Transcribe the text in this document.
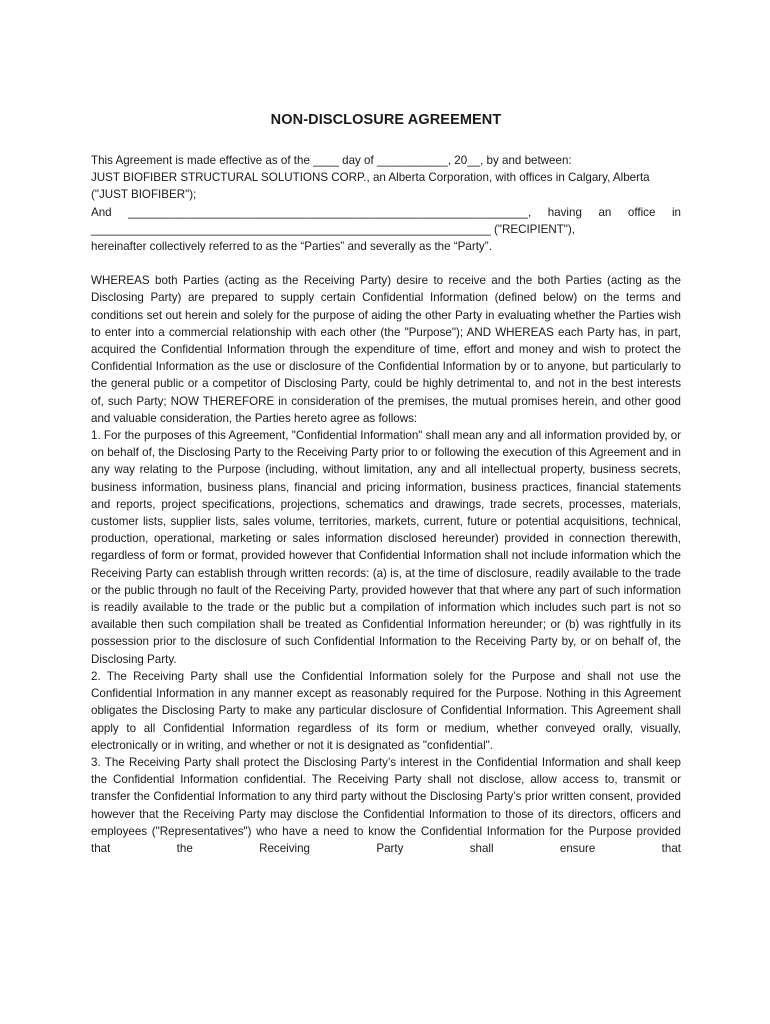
NON-DISCLOSURE AGREEMENT

This Agreement is made effective as of the ____ day of ___________, 20__, by and between:

JUST BIOFIBER STRUCTURAL SOLUTIONS CORP., an Alberta Corporation, with offices in Calgary, Alberta

("JUST BIOFIBER");

And ______________________________________________________________, having an office in

______________________________________________________________ ("RECIPIENT"),

hereinafter collectively referred to as the “Parties” and severally as the “Party”.

WHEREAS both Parties (acting as the Receiving Party) desire to receive and the both Parties (acting as the Disclosing Party) are prepared to supply certain Confidential Information (defined below) on the terms and conditions set out herein and solely for the purpose of aiding the other Party in evaluating whether the Parties wish to enter into a commercial relationship with each other (the "Purpose"); AND WHEREAS each Party has, in part, acquired the Confidential Information through the expenditure of time, effort and money and wish to protect the Confidential Information as the use or disclosure of the Confidential Information by or to anyone, but particularly to the general public or a competitor of Disclosing Party, could be highly detrimental to, and not in the best interests of, such Party; NOW THEREFORE in consideration of the premises, the mutual promises herein, and other good and valuable consideration, the Parties hereto agree as follows:

1. For the purposes of this Agreement, "Confidential Information" shall mean any and all information provided by, or on behalf of, the Disclosing Party to the Receiving Party prior to or following the execution of this Agreement and in any way relating to the Purpose (including, without limitation, any and all intellectual property, business secrets, business information, business plans, financial and pricing information, business practices, financial statements and reports, project specifications, projections, schematics and drawings, trade secrets, processes, materials, customer lists, supplier lists, sales volume, territories, markets, current, future or potential acquisitions, technical, production, operational, marketing or sales information disclosed hereunder) provided in connection therewith, regardless of form or format, provided however that Confidential Information shall not include information which the Receiving Party can establish through written records: (a) is, at the time of disclosure, readily available to the trade or the public through no fault of the Receiving Party, provided however that that where any part of such information is readily available to the trade or the public but a compilation of information which includes such part is not so available then such compilation shall be treated as Confidential Information hereunder; or (b) was rightfully in its possession prior to the disclosure of such Confidential Information to the Receiving Party by, or on behalf of, the Disclosing Party.

2. The Receiving Party shall use the Confidential Information solely for the Purpose and shall not use the Confidential Information in any manner except as reasonably required for the Purpose. Nothing in this Agreement obligates the Disclosing Party to make any particular disclosure of Confidential Information. This Agreement shall apply to all Confidential Information regardless of its form or medium, whether conveyed orally, visually, electronically or in writing, and whether or not it is designated as "confidential".

3. The Receiving Party shall protect the Disclosing Party’s interest in the Confidential Information and shall keep the Confidential Information confidential. The Receiving Party shall not disclose, allow access to, transmit or transfer the Confidential Information to any third party without the Disclosing Party’s prior written consent, provided however that the Receiving Party may disclose the Confidential Information to those of its directors, officers and employees ("Representatives") who have a need to know the Confidential Information for the Purpose provided that the Receiving Party shall ensure that
